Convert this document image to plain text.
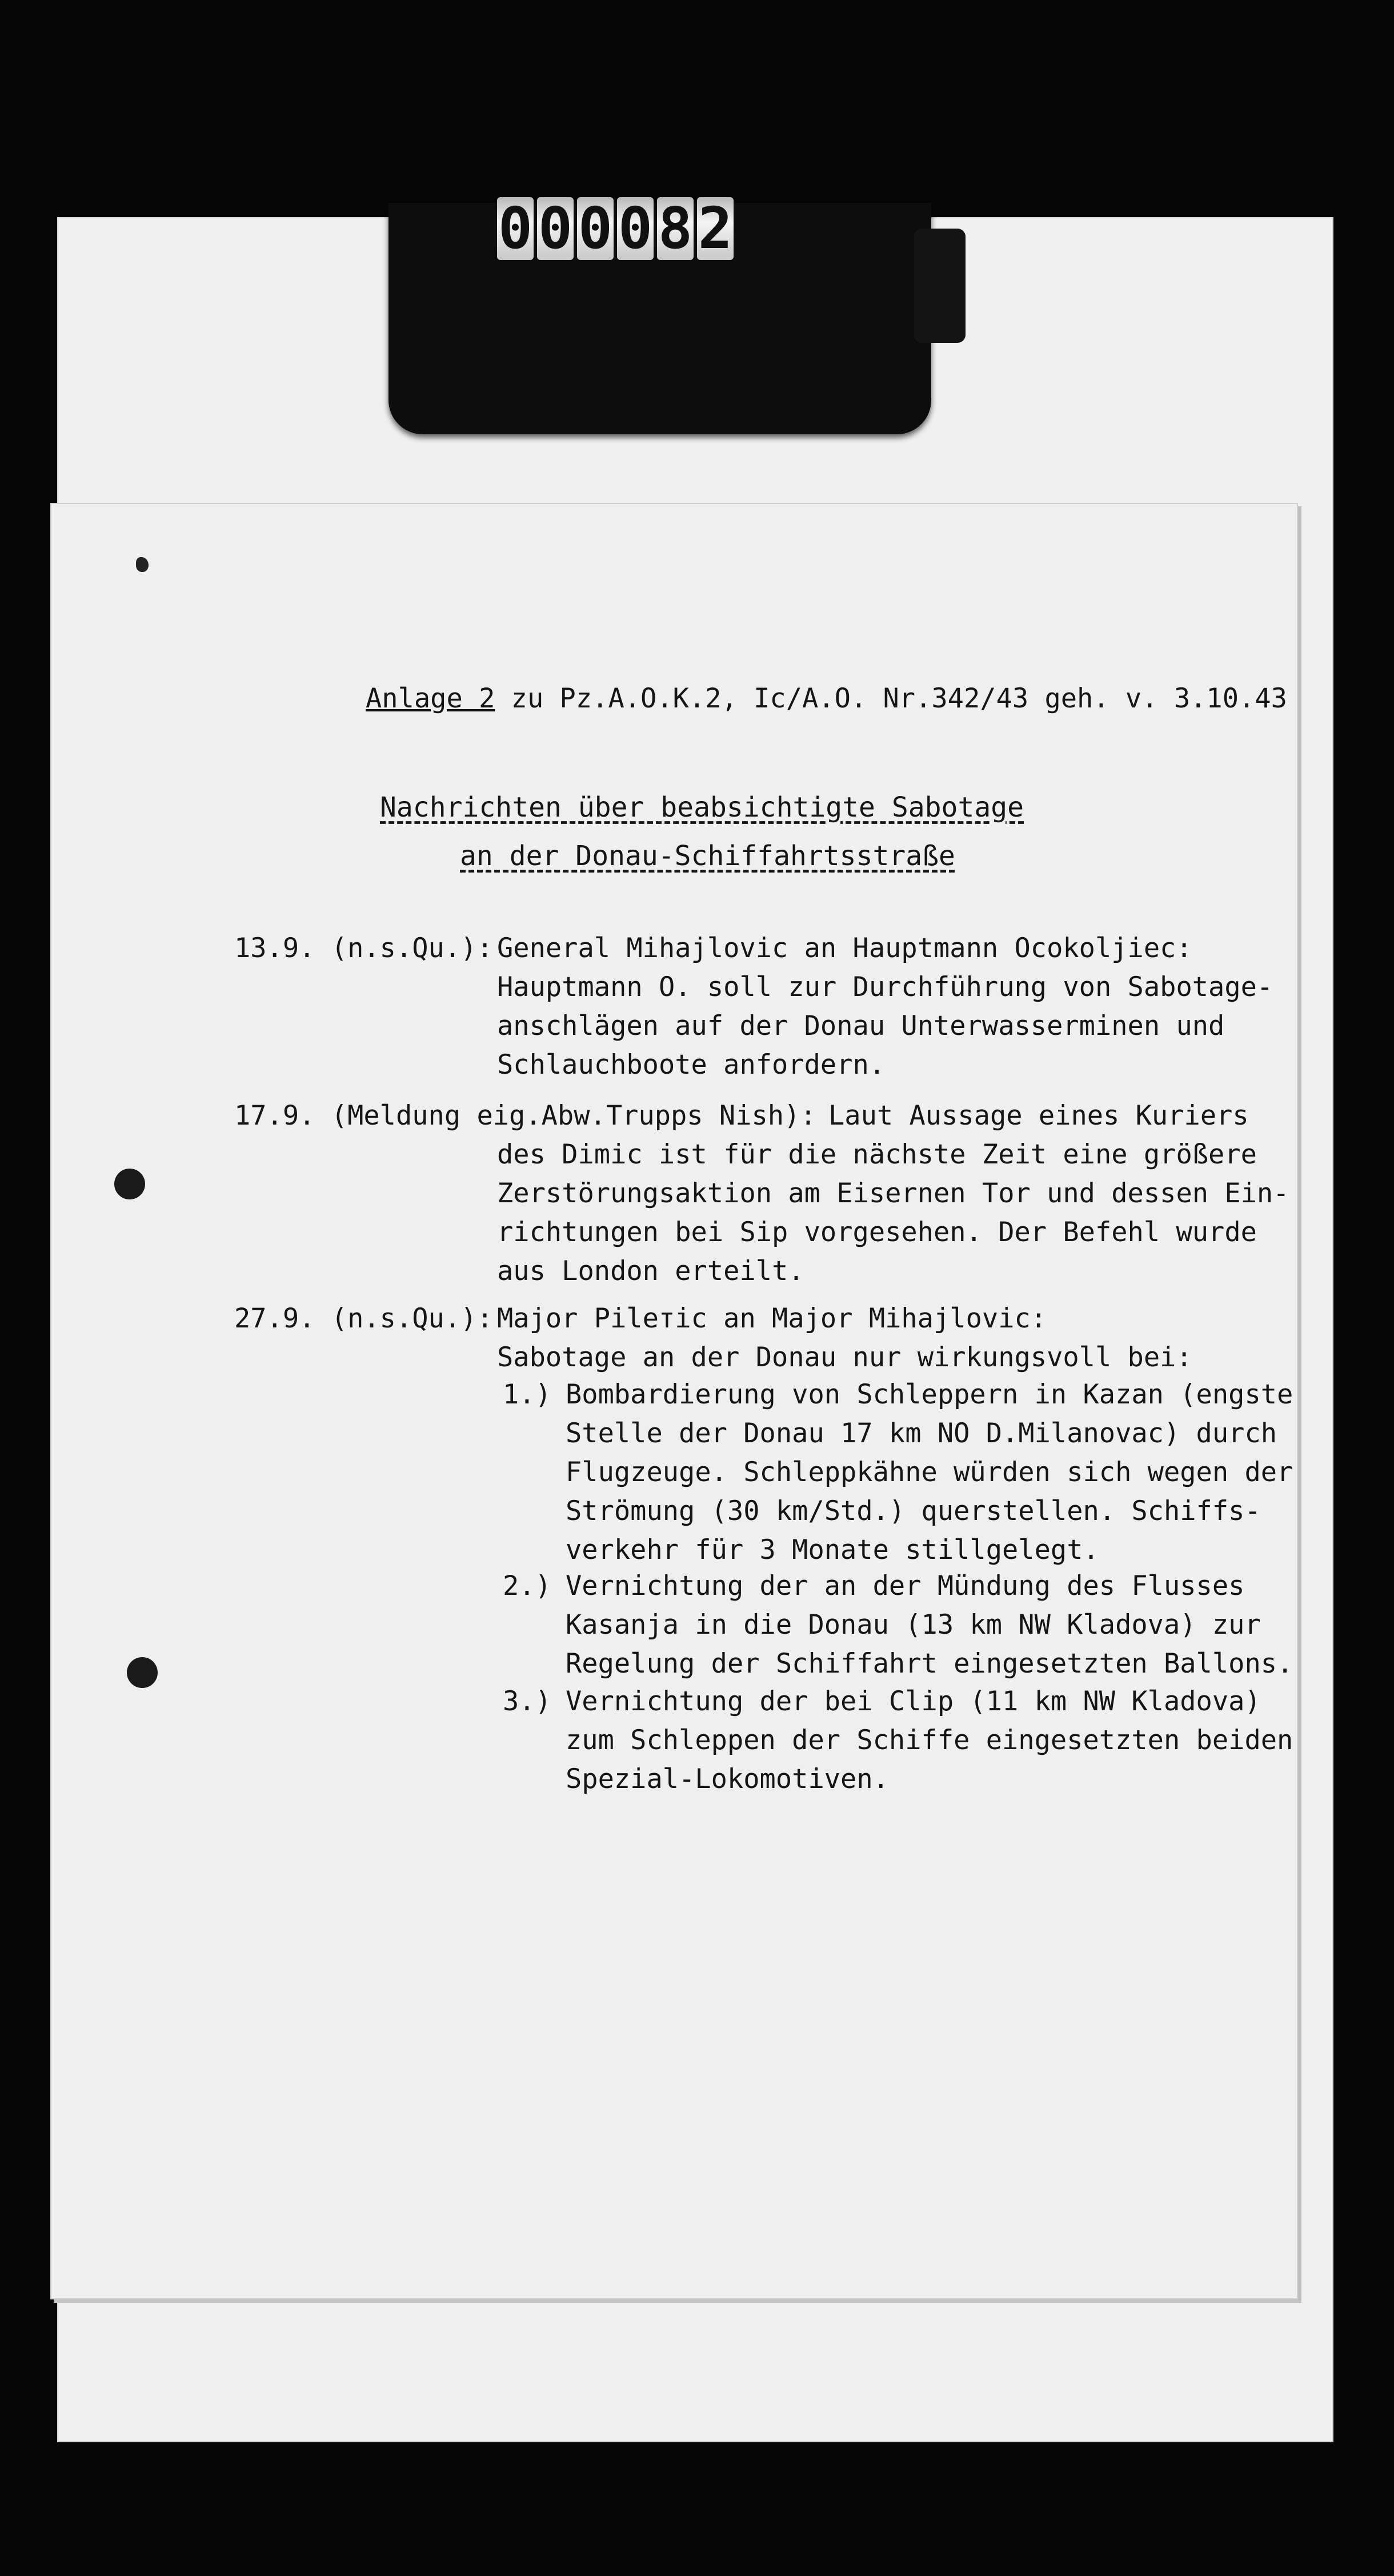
0 0 0 0 8 2

Anlage 2 zu Pz.A.O.K.2, Ic/A.O. Nr.342/43 geh. v. 3.10.43
Nachrichten über beabsichtigte Sabotage
an der Donau-Schiffahrtsstraße
13.9. (n.s.Qu.): General Mihajlovic an Hauptmann Ocokoljiec:
Hauptmann O. soll zur Durchführung von Sabotage-
anschlägen auf der Donau Unterwasserminen und
Schlauchboote anfordern.
17.9. (Meldung eig.Abw.Trupps Nish): Laut Aussage eines Kuriers
des Dimic ist für die nächste Zeit eine größere
Zerstörungsaktion am Eisernen Tor und dessen Ein-
richtungen bei Sip vorgesehen. Der Befehl wurde
aus London erteilt.
27.9. (n.s.Qu.): Major Pilетic an Major Mihajlovic:
Sabotage an der Donau nur wirkungsvoll bei:
1.) Bombardierung von Schleppern in Kazan (engste
Stelle der Donau 17 km NO D.Milanovac) durch
Flugzeuge. Schleppkähne würden sich wegen der
Strömung (30 km/Std.) querstellen. Schiffs-
verkehr für 3 Monate stillgelegt.
2.) Vernichtung der an der Mündung des Flusses
Kasanja in die Donau (13 km NW Kladova) zur
Regelung der Schiffahrt eingesetzten Ballons.
3.) Vernichtung der bei Clip (11 km NW Kladova)
zum Schleppen der Schiffe eingesetzten beiden
Spezial-Lokomotiven.
